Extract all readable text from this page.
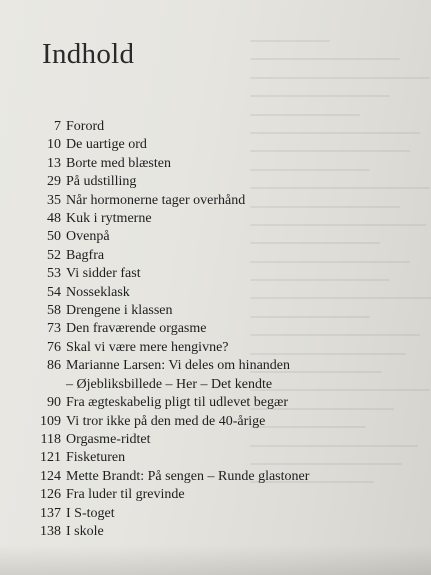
Indhold
7 Forord
10 De uartige ord
13 Borte med blæsten
29 På udstilling
35 Når hormonerne tager overhånd
48 Kuk i rytmerne
50 Ovenpå
52 Bagfra
53 Vi sidder fast
54 Nosseklask
58 Drengene i klassen
73 Den fraværende orgasme
76 Skal vi være mere hengivne?
86 Marianne Larsen: Vi deles om hinanden
– Øjebliksbillede – Her – Det kendte
90 Fra ægteskabelig pligt til udlevet begær
109 Vi tror ikke på den med de 40-årige
118 Orgasme-ridtet
121 Fisketuren
124 Mette Brandt: På sengen – Runde glastoner
126 Fra luder til grevinde
137 I S-toget
138 I skole
